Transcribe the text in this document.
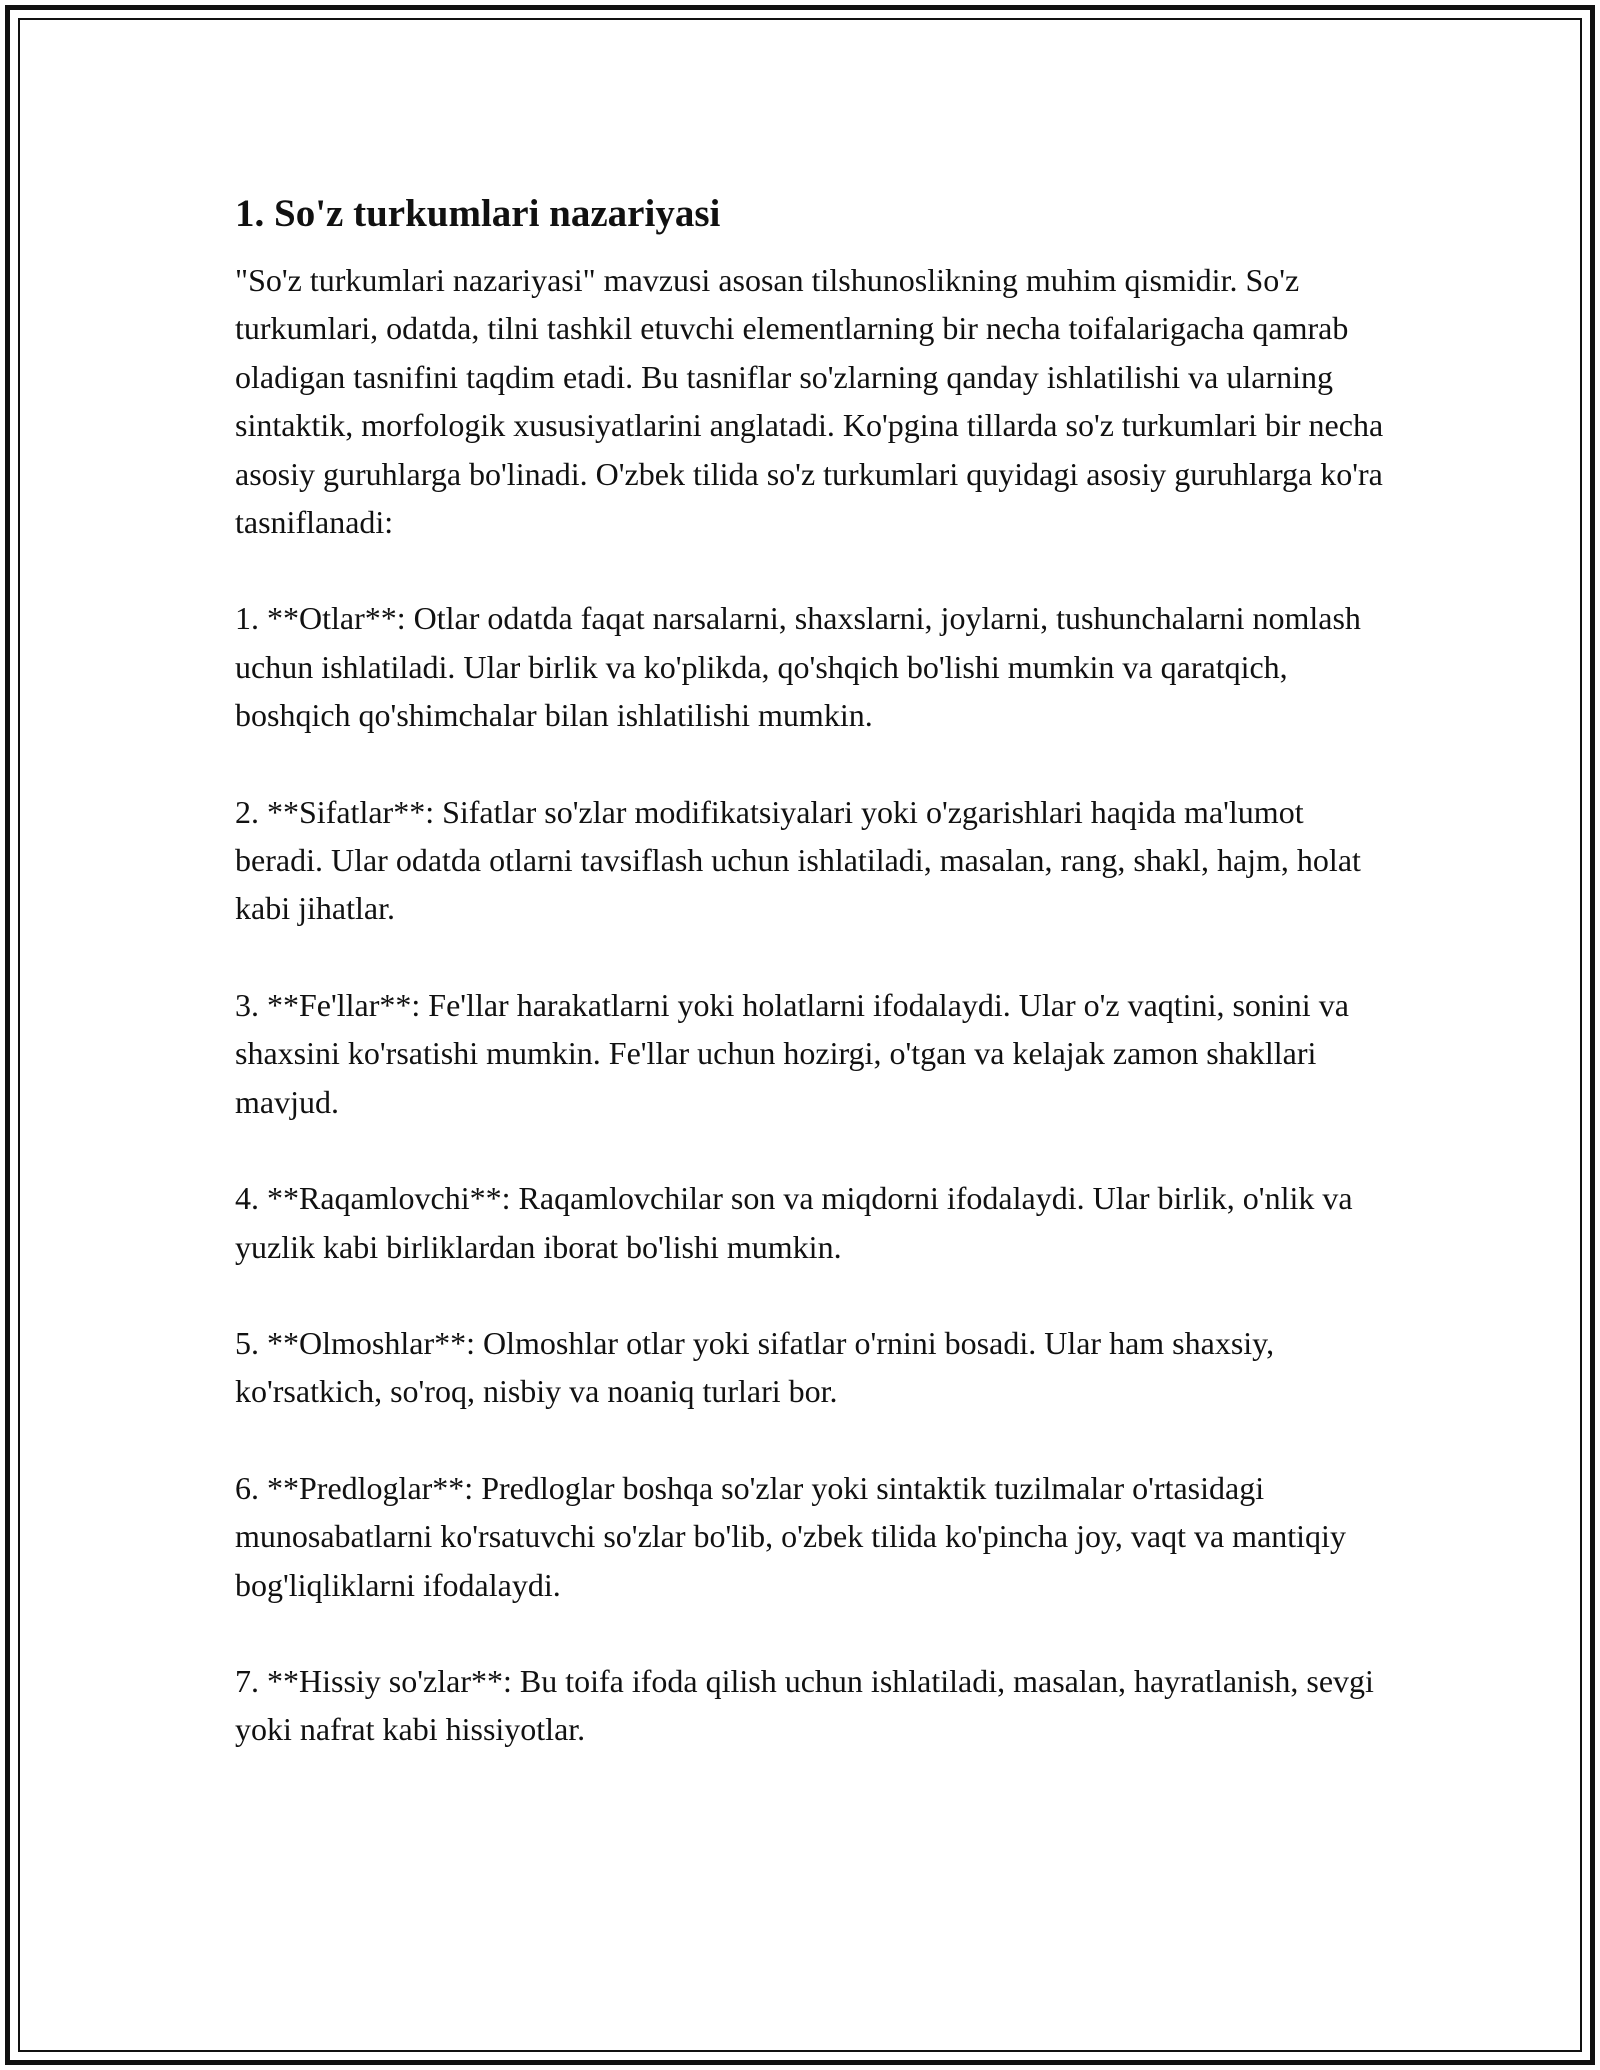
1. So'z turkumlari nazariyasi

"So'z turkumlari nazariyasi" mavzusi asosan tilshunoslikning muhim qismidir. So'z turkumlari, odatda, tilni tashkil etuvchi elementlarning bir necha toifalarigacha qamrab oladigan tasnifini taqdim etadi. Bu tasniflar so'zlarning qanday ishlatilishi va ularning sintaktik, morfologik xususiyatlarini anglatadi. Ko'pgina tillarda so'z turkumlari bir necha asosiy guruhlarga bo'linadi. O'zbek tilida so'z turkumlari quyidagi asosiy guruhlarga ko'ra tasniflanadi:

1. **Otlar**: Otlar odatda faqat narsalarni, shaxslarni, joylarni, tushunchalarni nomlash uchun ishlatiladi. Ular birlik va ko'plikda, qo'shqich bo'lishi mumkin va qaratqich, boshqich qo'shimchalar bilan ishlatilishi mumkin.

2. **Sifatlar**: Sifatlar so'zlar modifikatsiyalari yoki o'zgarishlari haqida ma'lumot beradi. Ular odatda otlarni tavsiflash uchun ishlatiladi, masalan, rang, shakl, hajm, holat kabi jihatlar.

3. **Fe'llar**: Fe'llar harakatlarni yoki holatlarni ifodalaydi. Ular o'z vaqtini, sonini va shaxsini ko'rsatishi mumkin. Fe'llar uchun hozirgi, o'tgan va kelajak zamon shakllari mavjud.

4. **Raqamlovchi**: Raqamlovchilar son va miqdorni ifodalaydi. Ular birlik, o'nlik va yuzlik kabi birliklardan iborat bo'lishi mumkin.

5. **Olmoshlar**: Olmoshlar otlar yoki sifatlar o'rnini bosadi. Ular ham shaxsiy, ko'rsatkich, so'roq, nisbiy va noaniq turlari bor.

6. **Predloglar**: Predloglar boshqa so'zlar yoki sintaktik tuzilmalar o'rtasidagi munosabatlarni ko'rsatuvchi so'zlar bo'lib, o'zbek tilida ko'pincha joy, vaqt va mantiqiy bog'liqliklarni ifodalaydi.

7. **Hissiy so'zlar**: Bu toifa ifoda qilish uchun ishlatiladi, masalan, hayratlanish, sevgi yoki nafrat kabi hissiyotlar.
